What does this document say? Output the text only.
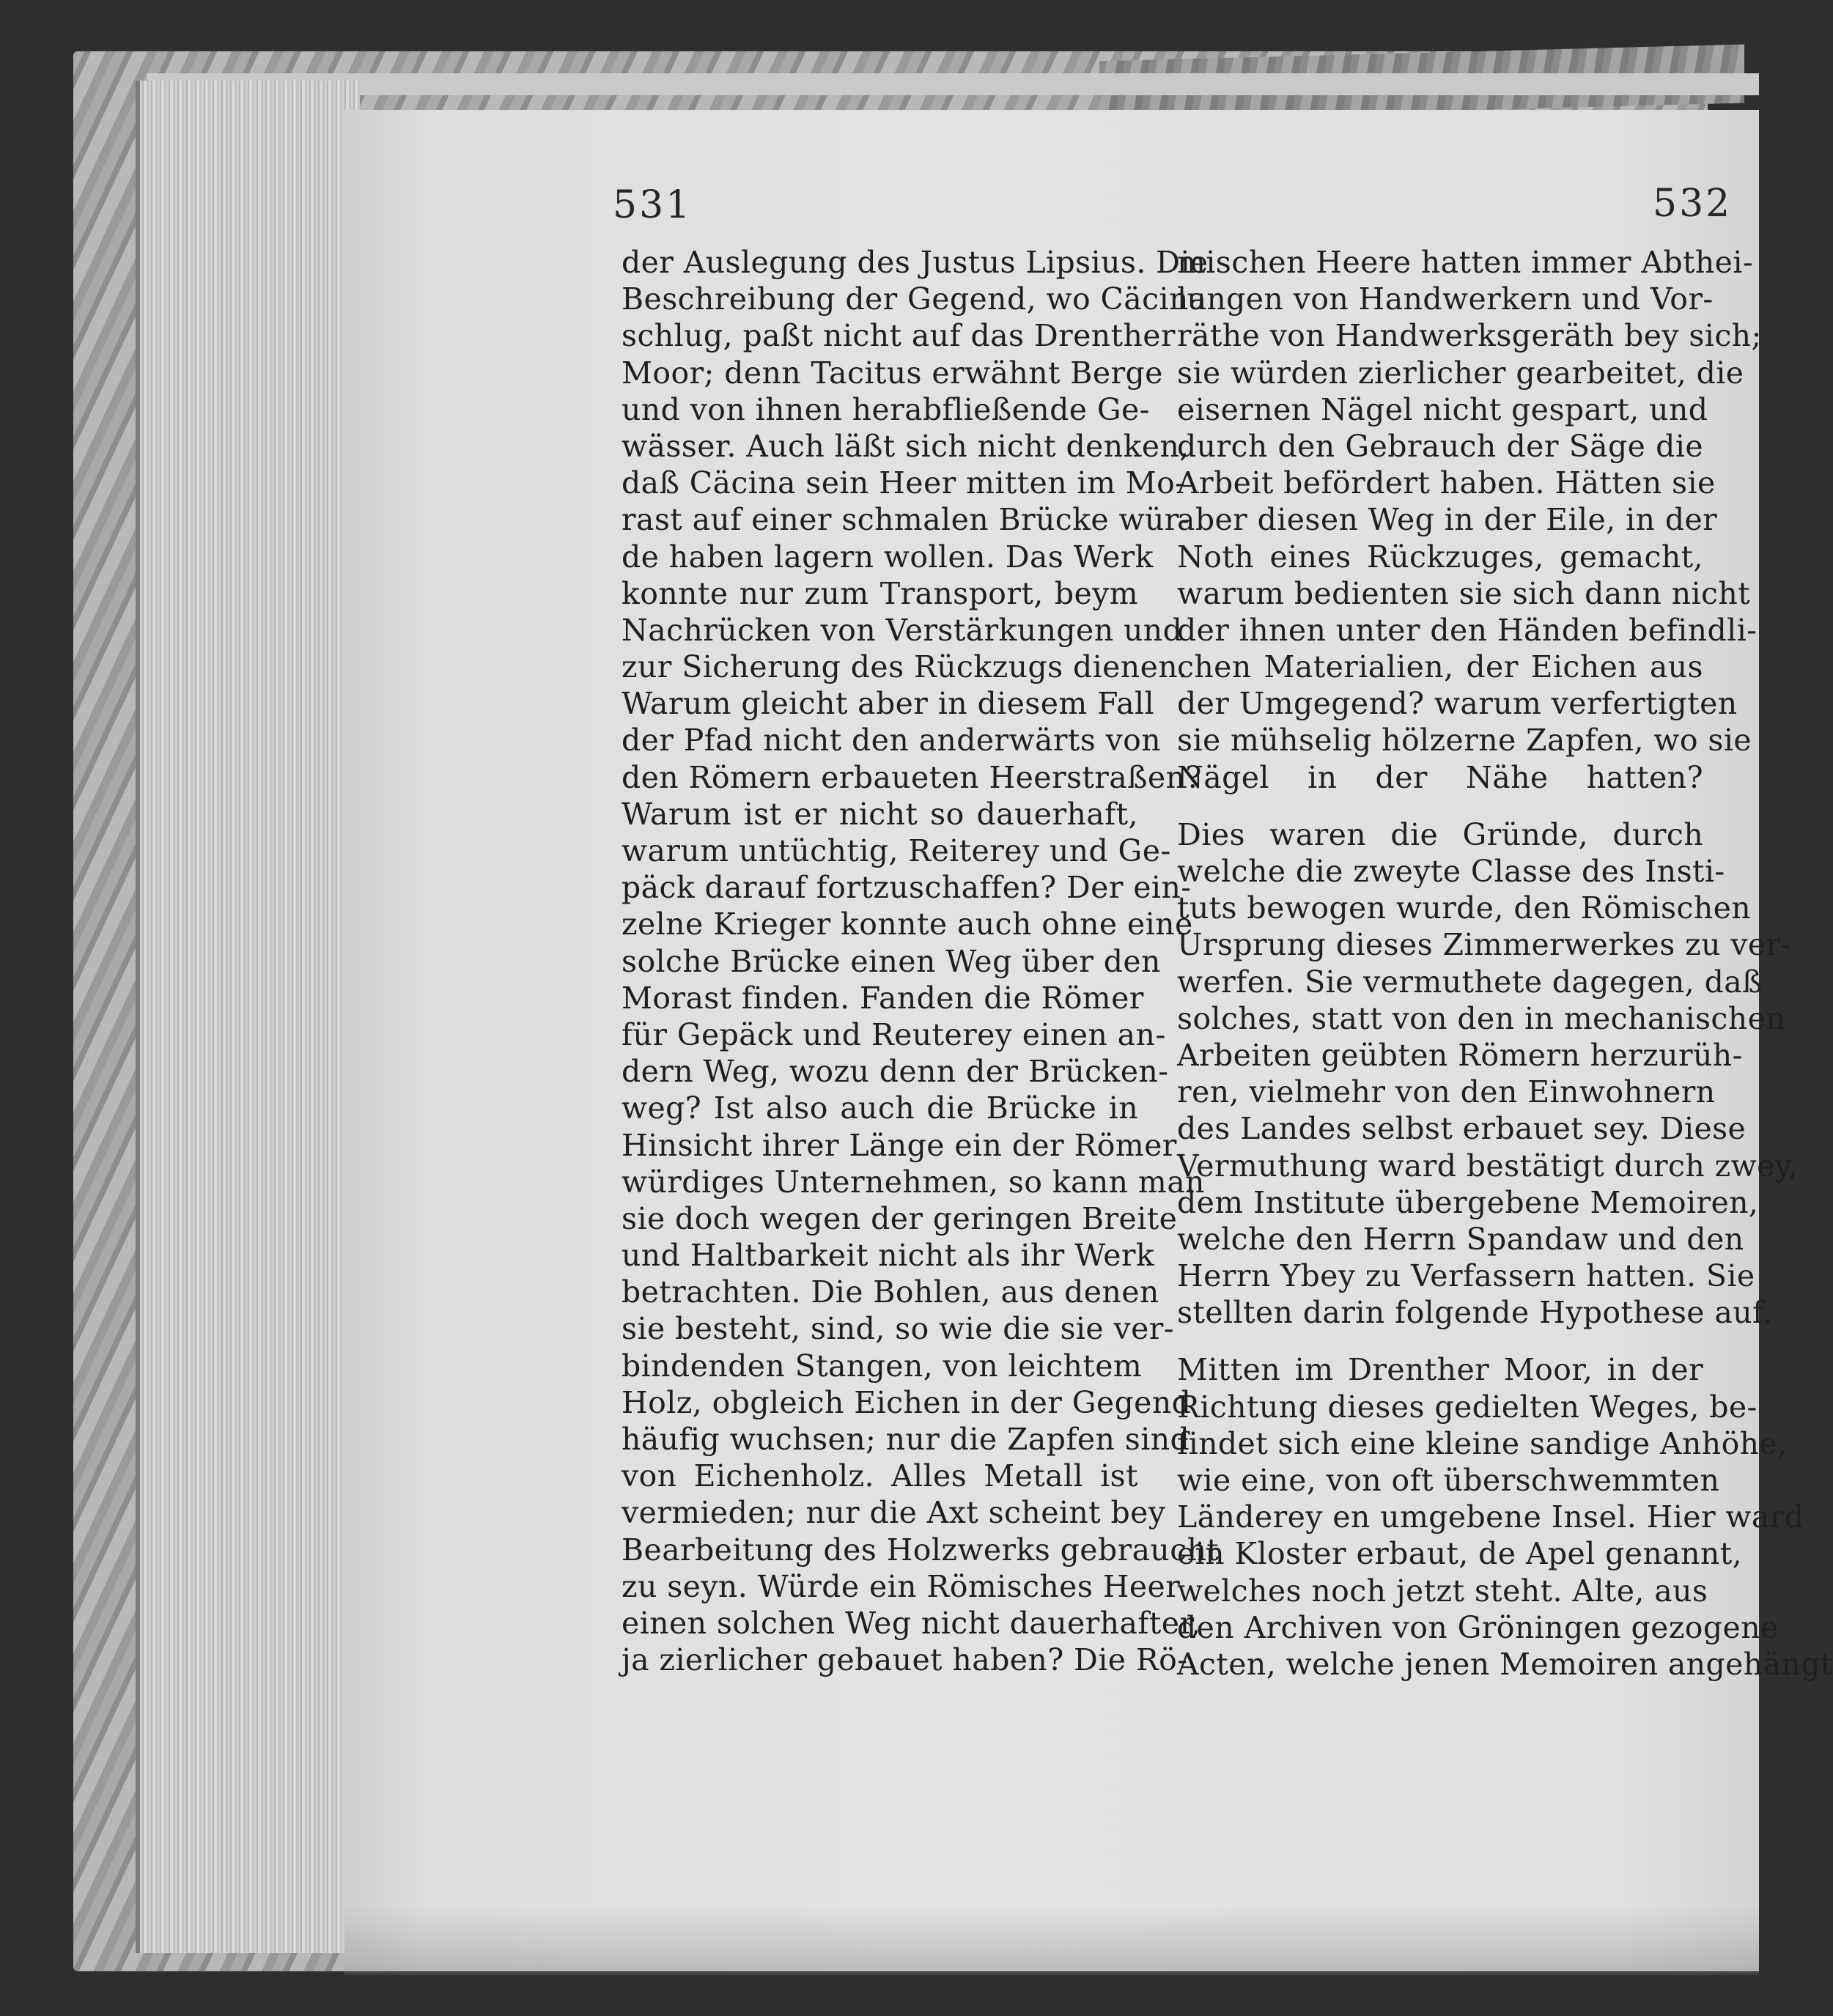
531	532
der Auslegung des Justus Lipsius. Die
Beschreibung der Gegend, wo Cäcina
schlug, paßt nicht auf das Drenther
Moor; denn Tacitus erwähnt Berge
und von ihnen herabfließende Ge-
wässer. Auch läßt sich nicht denken,
daß Cäcina sein Heer mitten im Mo-
rast auf einer schmalen Brücke wür-
de haben lagern wollen. Das Werk
konnte nur zum Transport, beym
Nachrücken von Verstärkungen und
zur Sicherung des Rückzugs dienen.
Warum gleicht aber in diesem Fall
der Pfad nicht den anderwärts von
den Römern erbaueten Heerstraßen?
Warum ist er nicht so dauerhaft,
warum untüchtig, Reiterey und Ge-
päck darauf fortzuschaffen? Der ein-
zelne Krieger konnte auch ohne eine
solche Brücke einen Weg über den
Morast finden. Fanden die Römer
für Gepäck und Reuterey einen an-
dern Weg, wozu denn der Brücken-
weg? Ist also auch die Brücke in
Hinsicht ihrer Länge ein der Römer
würdiges Unternehmen, so kann man
sie doch wegen der geringen Breite
und Haltbarkeit nicht als ihr Werk
betrachten. Die Bohlen, aus denen
sie besteht, sind, so wie die sie ver-
bindenden Stangen, von leichtem
Holz, obgleich Eichen in der Gegend
häufig wuchsen; nur die Zapfen sind
von Eichenholz. Alles Metall ist
vermieden; nur die Axt scheint bey
Bearbeitung des Holzwerks gebraucht
zu seyn. Würde ein Römisches Heer
einen solchen Weg nicht dauerhafter,
ja zierlicher gebauet haben? Die Rö-
mischen Heere hatten immer Abthei-
lungen von Handwerkern und Vor-
räthe von Handwerksgeräth bey sich;
sie würden zierlicher gearbeitet, die
eisernen Nägel nicht gespart, und
durch den Gebrauch der Säge die
Arbeit befördert haben. Hätten sie
aber diesen Weg in der Eile, in der
Noth eines Rückzuges, gemacht,
warum bedienten sie sich dann nicht
der ihnen unter den Händen befindli-
chen Materialien, der Eichen aus
der Umgegend? warum verfertigten
sie mühselig hölzerne Zapfen, wo sie
Nägel in der Nähe hatten?
Dies waren die Gründe, durch
welche die zweyte Classe des Insti-
tuts bewogen wurde, den Römischen
Ursprung dieses Zimmerwerkes zu ver-
werfen. Sie vermuthete dagegen, daß
solches, statt von den in mechanischen
Arbeiten geübten Römern herzurüh-
ren, vielmehr von den Einwohnern
des Landes selbst erbauet sey. Diese
Vermuthung ward bestätigt durch zwey,
dem Institute übergebene Memoiren,
welche den Herrn Spandaw und den
Herrn Ybey zu Verfassern hatten. Sie
stellten darin folgende Hypothese auf.
Mitten im Drenther Moor, in der
Richtung dieses gedielten Weges, be-
findet sich eine kleine sandige Anhöhe,
wie eine, von oft überschwemmten
Länderey en umgebene Insel. Hier ward
ein Kloster erbaut, de Apel genannt,
welches noch jetzt steht. Alte, aus
den Archiven von Gröningen gezogene
Acten, welche jenen Memoiren angehängt
